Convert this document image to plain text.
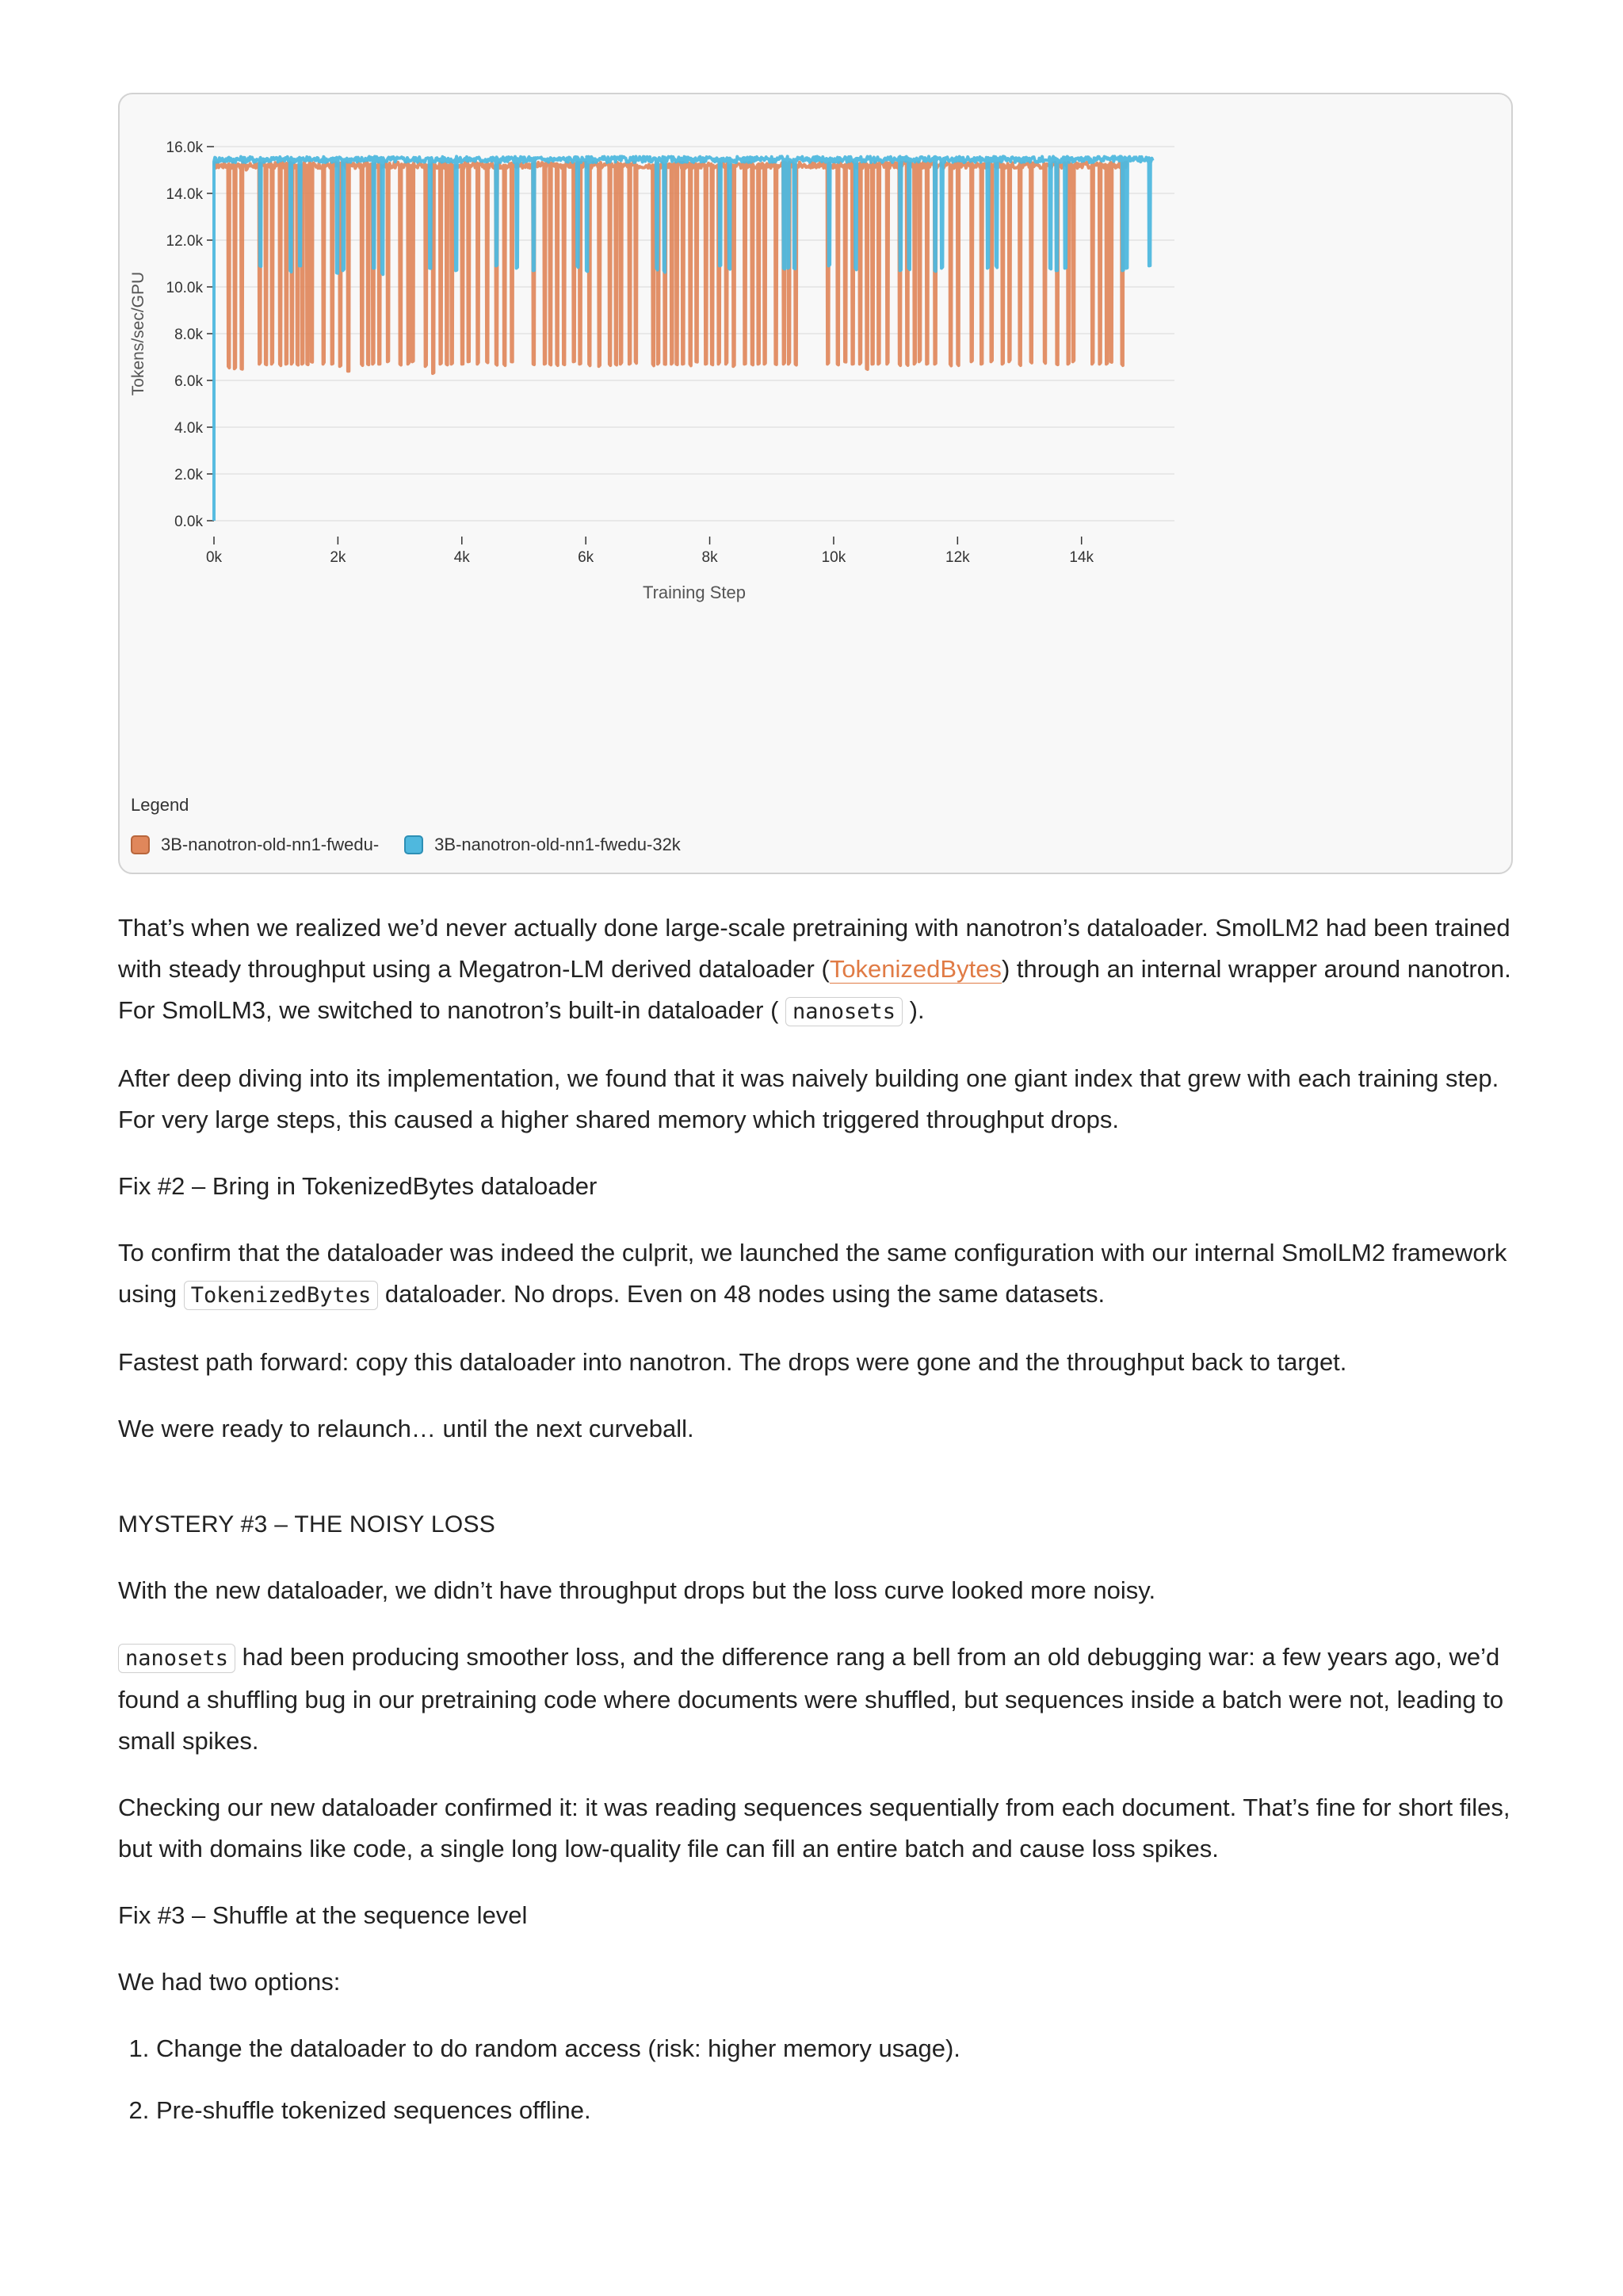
0.0k
2.0k
4.0k
6.0k
8.0k
10.0k
12.0k
14.0k
16.0k
0k	2k	4k	6k	8k	10k	12k	14k
Training Step
Tokens/sec/GPU

Legend

3B-nanotron-old-nn1-fwedu-	3B-nanotron-old-nn1-fwedu-32k

That’s when we realized we’d never actually done large-scale pretraining with nanotron’s dataloader. SmolLM2 had been trained with steady throughput using a Megatron-LM derived dataloader (TokenizedBytes) through an internal wrapper around nanotron. For SmolLM3, we switched to nanotron’s built-in dataloader ( nanosets ).

After deep diving into its implementation, we found that it was naively building one giant index that grew with each training step. For very large steps, this caused a higher shared memory which triggered throughput drops.

Fix #2 – Bring in TokenizedBytes dataloader

To confirm that the dataloader was indeed the culprit, we launched the same configuration with our internal SmolLM2 framework using TokenizedBytes dataloader. No drops. Even on 48 nodes using the same datasets.

Fastest path forward: copy this dataloader into nanotron. The drops were gone and the throughput back to target.

We were ready to relaunch… until the next curveball.

MYSTERY #3 – THE NOISY LOSS

With the new dataloader, we didn’t have throughput drops but the loss curve looked more noisy.

nanosets had been producing smoother loss, and the difference rang a bell from an old debugging war: a few years ago, we’d found a shuffling bug in our pretraining code where documents were shuffled, but sequences inside a batch were not, leading to small spikes.

Checking our new dataloader confirmed it: it was reading sequences sequentially from each document. That’s fine for short files, but with domains like code, a single long low-quality file can fill an entire batch and cause loss spikes.

Fix #3 – Shuffle at the sequence level

We had two options:

1. Change the dataloader to do random access (risk: higher memory usage).
2. Pre-shuffle tokenized sequences offline.
